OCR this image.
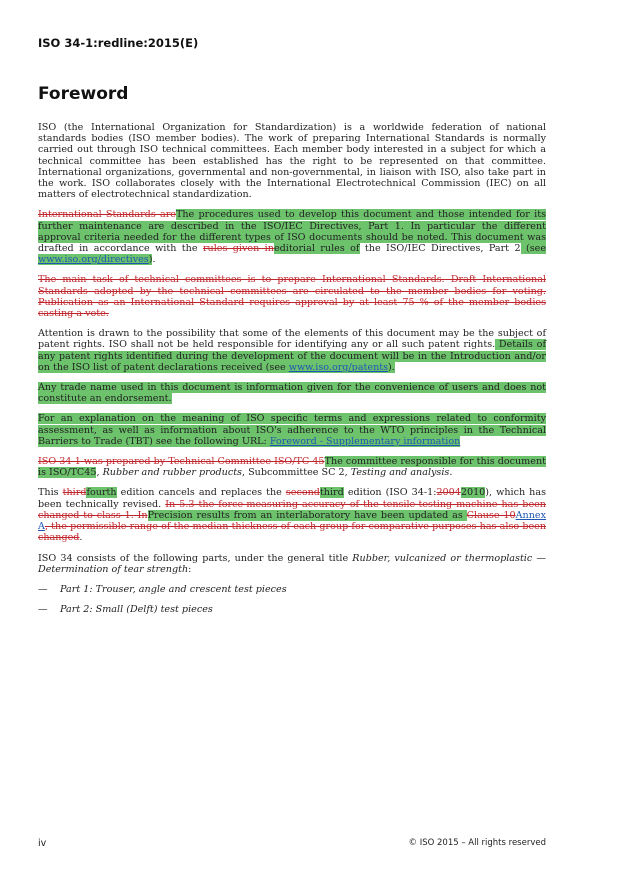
ISO 34-1:redline:2015(E)
Foreword

ISO (the International Organization for Standardization) is a worldwide federation of national standards bodies (ISO member bodies). The work of preparing International Standards is normally carried out through ISO technical committees. Each member body interested in a subject for which a technical committee has been established has the right to be represented on that committee. International organizations, governmental and non-governmental, in liaison with ISO, also take part in the work. ISO collaborates closely with the International Electrotechnical Commission (IEC) on all matters of electrotechnical standardization.

International Standards areThe procedures used to develop this document and those intended for its further maintenance are described in the ISO/IEC Directives, Part 1. In particular the different approval criteria needed for the different types of ISO documents should be noted. This document was drafted in accordance with the rules given ineditorial rules of the ISO/IEC Directives, Part 2 (see www.iso.org/directives).

The main task of technical committees is to prepare International Standards. Draft International Standards adopted by the technical committees are circulated to the member bodies for voting. Publication as an International Standard requires approval by at least 75 % of the member bodies casting a vote.

Attention is drawn to the possibility that some of the elements of this document may be the subject of patent rights. ISO shall not be held responsible for identifying any or all such patent rights. Details of any patent rights identified during the development of the document will be in the Introduction and/or on the ISO list of patent declarations received (see www.iso.org/patents).

Any trade name used in this document is information given for the convenience of users and does not constitute an endorsement.

For an explanation on the meaning of ISO specific terms and expressions related to conformity assessment, as well as information about ISO's adherence to the WTO principles in the Technical Barriers to Trade (TBT) see the following URL: Foreword - Supplementary information

ISO 34-1 was prepared by Technical Committee ISO/TC 45The committee responsible for this document is ISO/TC45, Rubber and rubber products, Subcommittee SC 2, Testing and analysis.

This thirdfourth edition cancels and replaces the secondthird edition (ISO 34-1:20042010), which has been technically revised. In 5.3 the force-measuring accuracy of the tensile-testing machine has been changed to class 1. InPrecision results from an interlaboratory have been updated as Clause 10Annex A, the permissible range of the median thickness of each group for comparative purposes has also been changed.

ISO 34 consists of the following parts, under the general title Rubber, vulcanized or thermoplastic — Determination of tear strength:

— Part 1: Trouser, angle and crescent test pieces
— Part 2: Small (Delft) test pieces
iv	© ISO 2015 – All rights reserved
